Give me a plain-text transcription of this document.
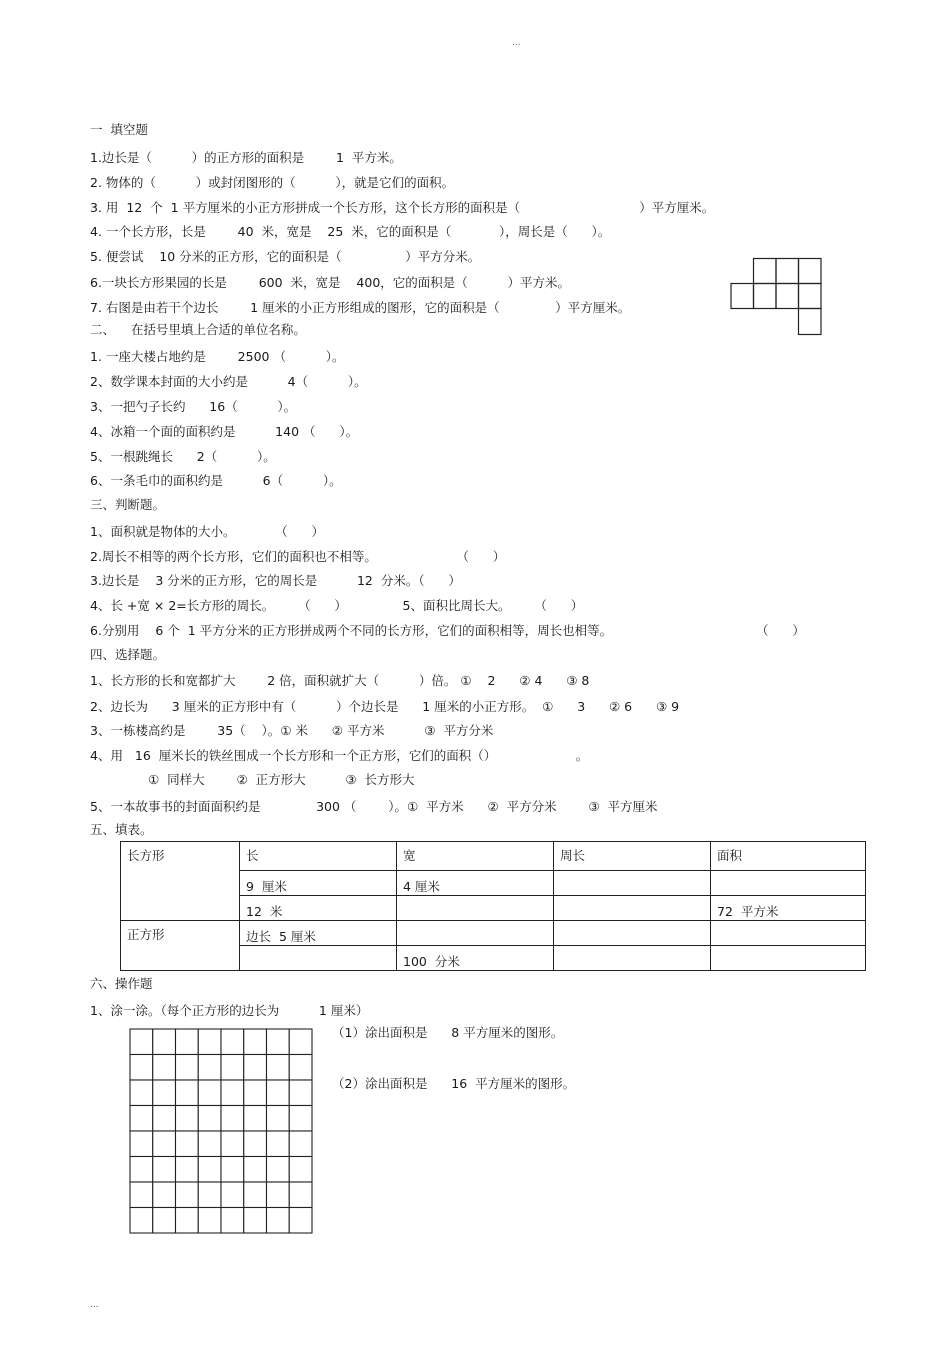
...
一  填空题
1.边长是（          ）的正方形的面积是        1  平方米。
2. 物体的（          ）或封闭图形的（          ），就是它们的面积。
3. 用  12  个  1 平方厘米的小正方形拼成一个长方形，这个长方形的面积是（                              ）平方厘米。
4. 一个长方形，长是        40  米，宽是    25  米，它的面积是（            ），周长是（      ）。
5. 便尝试    10 分米的正方形，它的面积是（                ）平方分米。
6.一块长方形果园的长是        600  米，宽是    400，它的面积是（          ）平方米。
7. 右图是由若干个边长        1 厘米的小正方形组成的图形，它的面积是（              ）平方厘米。
二、    在括号里填上合适的单位名称。
1. 一座大楼占地约是        2500 （          ）。
2、数学课本封面的大小约是          4（          ）。
3、一把勺子长约      16（          ）。
4、冰箱一个面的面积约是          140 （      ）。
5、一根跳绳长      2（          ）。
6、一条毛巾的面积约是          6（          ）。
三、判断题。
1、面积就是物体的大小。          （      ）
2.周长不相等的两个长方形，它们的面积也不相等。                    （      ）
3.边长是    3 分米的正方形，它的周长是          12  分米。（      ）
4、长 +宽 × 2=长方形的周长。      （      ）              5、面积比周长大。      （      ）
6.分别用    6 个  1 平方分米的正方形拼成两个不同的长方形，它们的面积相等，周长也相等。	（      ）
四、选择题。
1、长方形的长和宽都扩大        2 倍，面积就扩大（          ）倍。 ①    2      ② 4      ③ 8
2、边长为      3 厘米的正方形中有（          ）个边长是      1 厘米的小正方形。  ①      3      ② 6      ③ 9
3、一栋楼高约是        35（    ）。① 米      ② 平方米          ③  平方分米
4、用   16  厘米长的铁丝围成一个长方形和一个正方形，它们的面积（）                    。
①  同样大        ②  正方形大          ③  长方形大
5、一本故事书的封面面积约是              300 （        ）。①  平方米      ②  平方分米        ③  平方厘米
五、填表。
长方形	长	宽	周长	面积
	9  厘米	4 厘米		
	12  米			72  平方米
正方形	边长  5 厘米			
		100  分米		
六、操作题
1、涂一涂。（每个正方形的边长为          1 厘米）
（1）涂出面积是      8 平方厘米的图形。
（2）涂出面积是      16  平方厘米的图形。
...
